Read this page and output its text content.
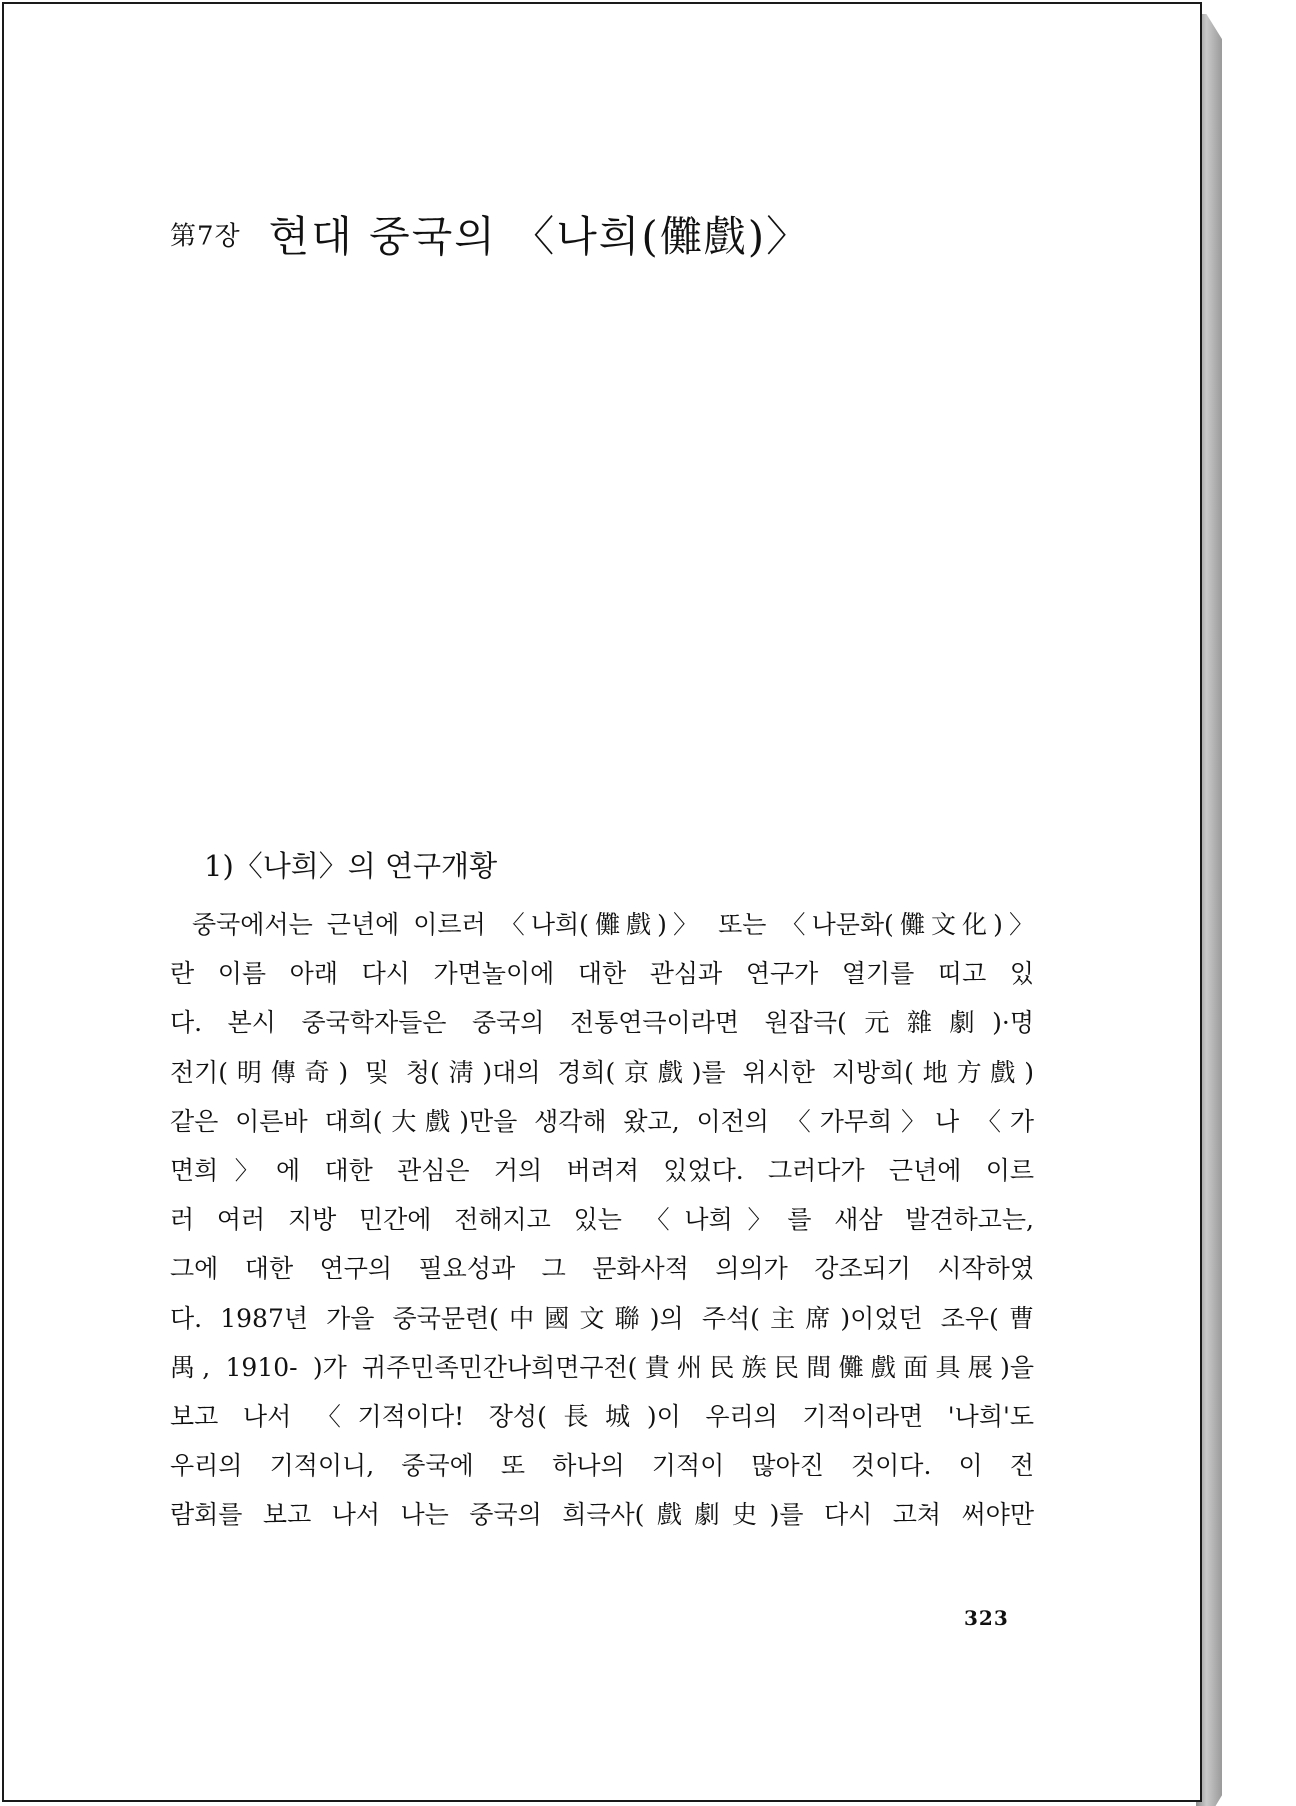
第7장 현대 중국의 〈나희(儺戲)〉
1)〈나희〉의 연구개황
중국에서는 근년에 이르러 〈나희(儺戲)〉 또는 〈나문화(儺文化)〉
란 이름 아래 다시 가면놀이에 대한 관심과 연구가 열기를 띠고 있
다. 본시 중국학자들은 중국의 전통연극이라면 원잡극(元雜劇)·명
전기(明傳奇) 및 청(淸)대의 경희(京戲)를 위시한 지방희(地方戲)
같은 이른바 대희(大戲)만을 생각해 왔고, 이전의 〈가무희〉나 〈가
면희〉에 대한 관심은 거의 버려져 있었다. 그러다가 근년에 이르
러 여러 지방 민간에 전해지고 있는 〈나희〉를 새삼 발견하고는,
그에 대한 연구의 필요성과 그 문화사적 의의가 강조되기 시작하였
다. 1987년 가을 중국문련(中國文聯)의 주석(主席)이었던 조우(曹
禺, 1910- )가 귀주민족민간나희면구전(貴州民族民間儺戲面具展)을
보고 나서 〈기적이다! 장성(長城)이 우리의 기적이라면 '나희'도
우리의 기적이니, 중국에 또 하나의 기적이 많아진 것이다. 이 전
람회를 보고 나서 나는 중국의 희극사(戲劇史)를 다시 고쳐 써야만
323
